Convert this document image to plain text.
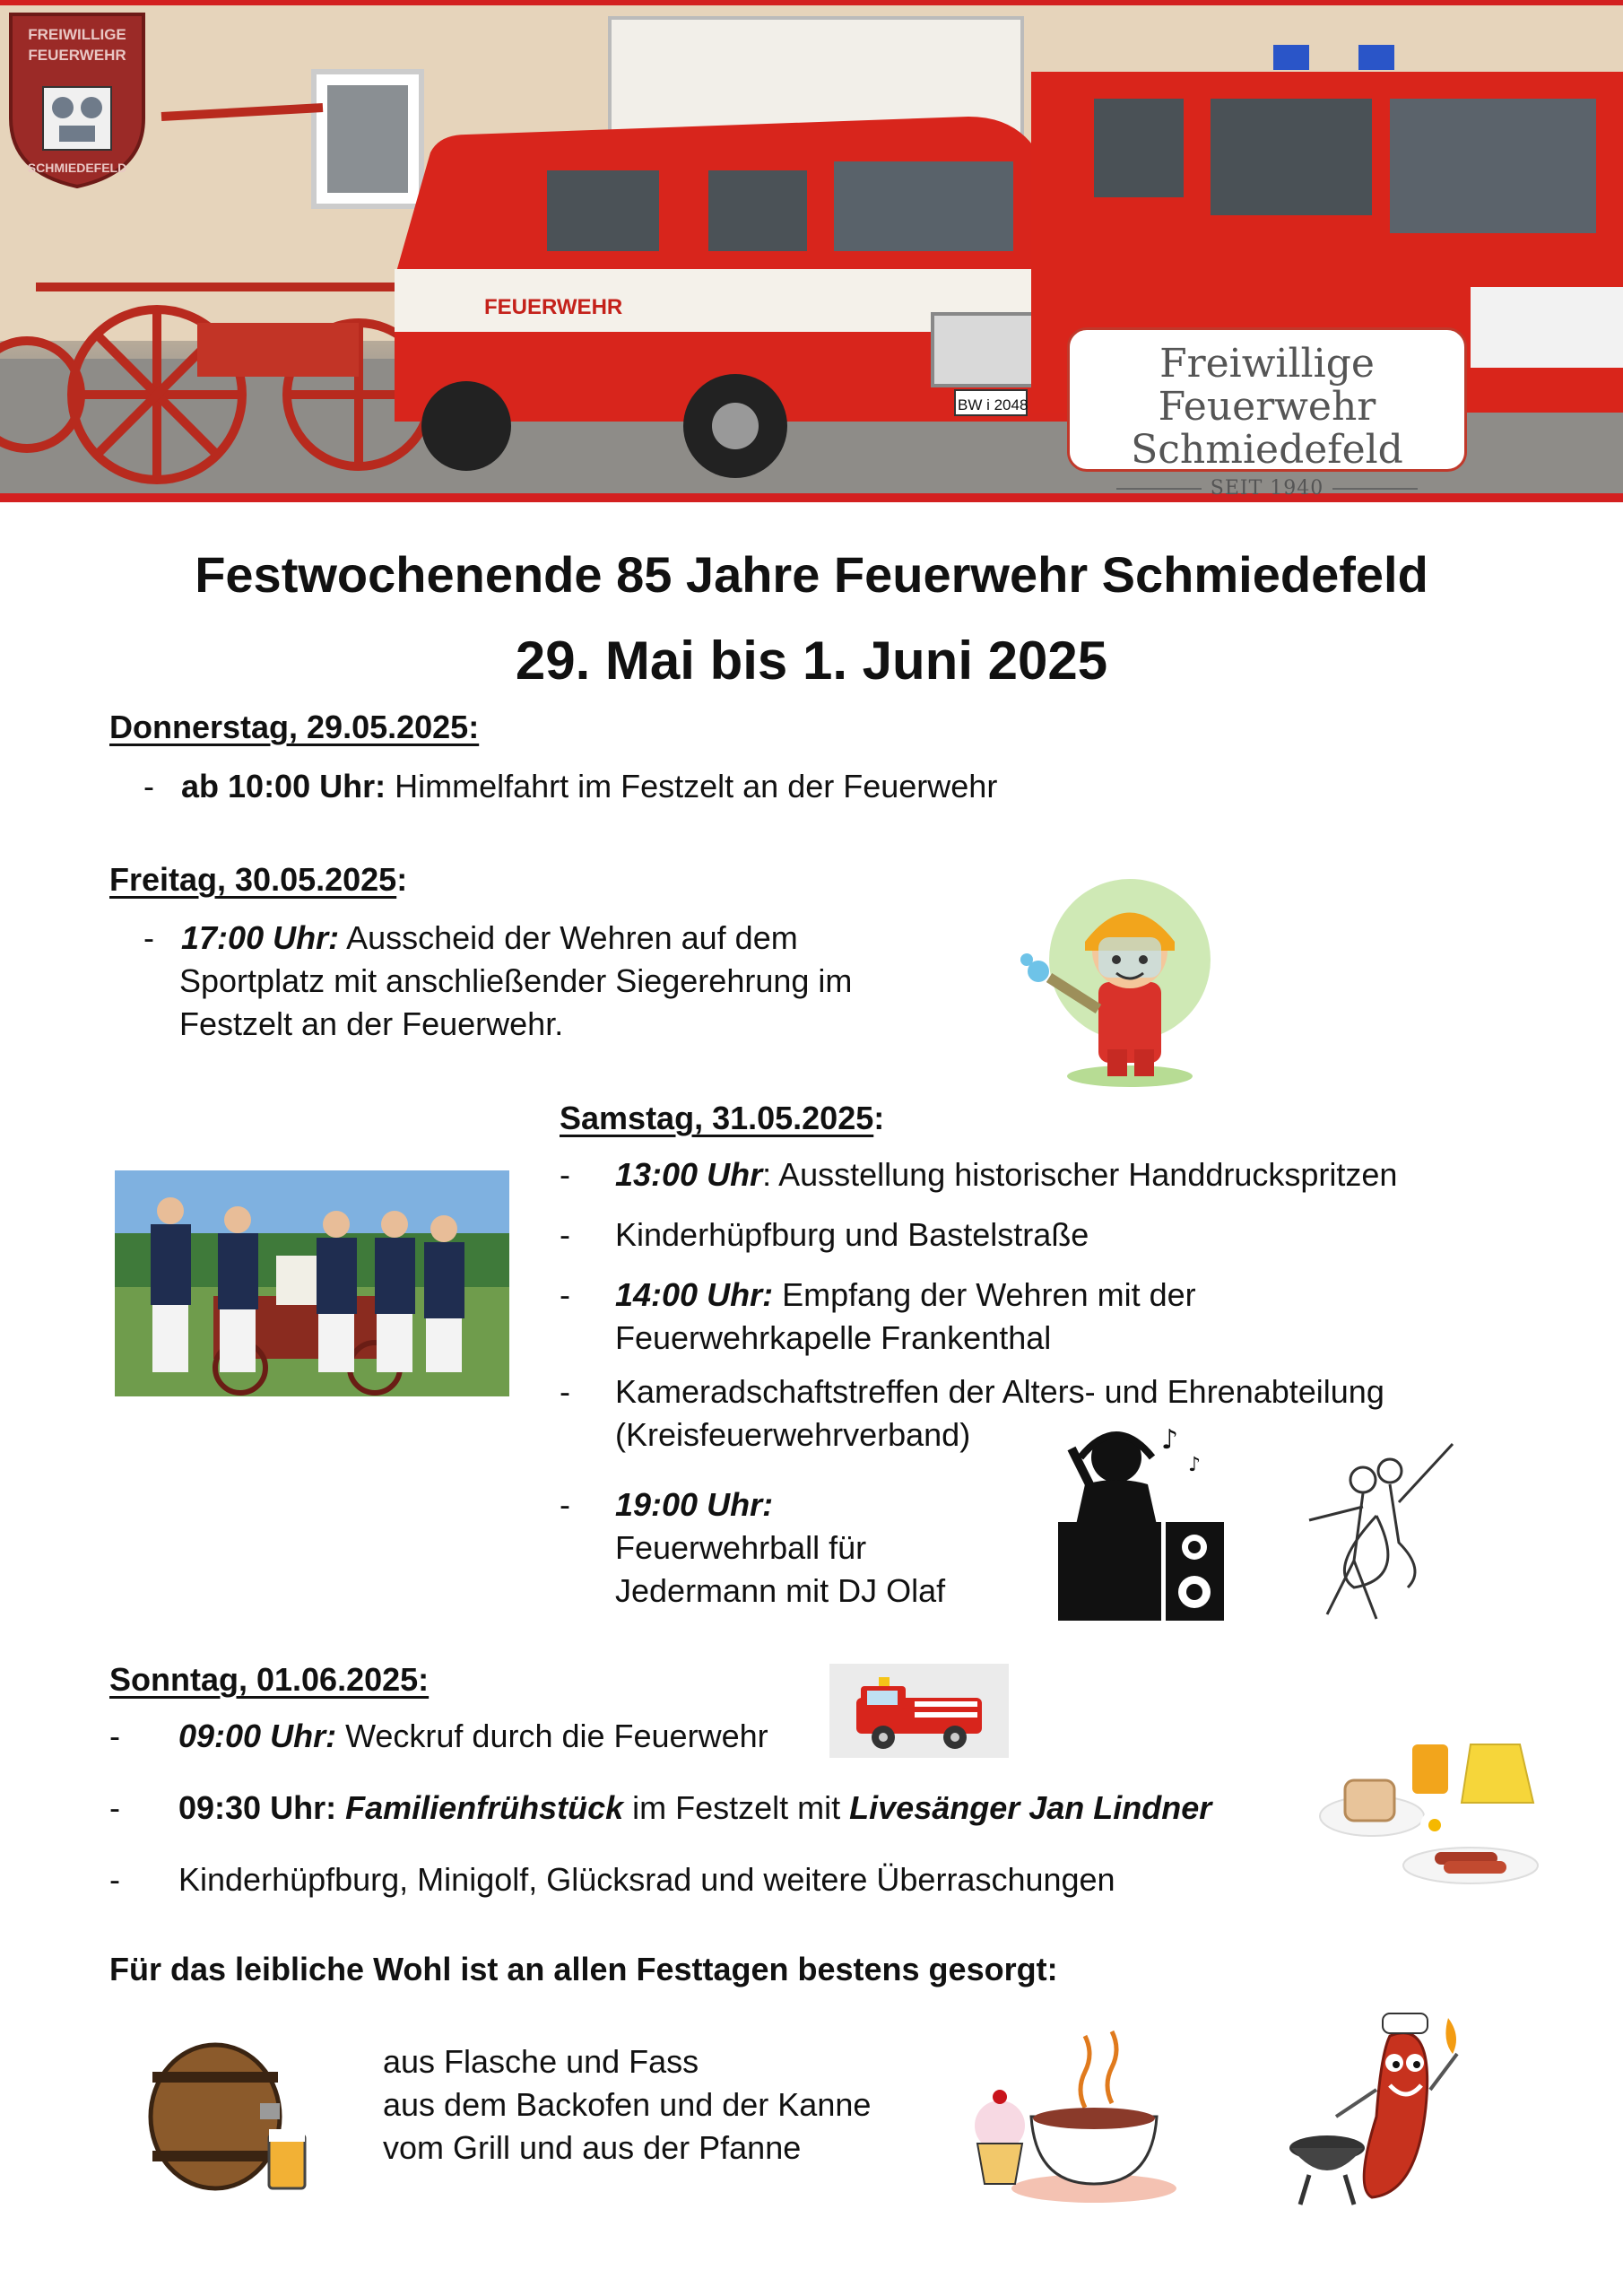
FEUERWEHR
BW i 2048
FREIWILLIGE
FEUERWEHR
SCHMIEDEFELD
Freiwillige Feuerwehr
Schmiedefeld
SEIT 1940
Festwochenende 85 Jahre Feuerwehr Schmiedefeld
29. Mai bis 1. Juni 2025
Donnerstag, 29.05.2025:
- ab 10:00 Uhr: Himmelfahrt im Festzelt an der Feuerwehr
Freitag, 30.05.2025:
- 17:00 Uhr: Ausscheid der Wehren auf dem
Sportplatz mit anschließender Siegerehrung im
Festzelt an der Feuerwehr.
Samstag, 31.05.2025:
- 13:00 Uhr: Ausstellung historischer Handdruckspritzen
- Kinderhüpfburg und Bastelstraße
- 14:00 Uhr: Empfang der Wehren mit der
Feuerwehrkapelle Frankenthal
- Kameradschaftstreffen der Alters- und Ehrenabteilung
(Kreisfeuerwehrverband)
- 19:00 Uhr:
Feuerwehrball für
Jedermann mit DJ Olaf
♪
♪
Sonntag, 01.06.2025:
- 09:00 Uhr: Weckruf durch die Feuerwehr
- 09:30 Uhr: Familienfrühstück im Festzelt mit Livesänger Jan Lindner
- Kinderhüpfburg, Minigolf, Glücksrad und weitere Überraschungen
Für das leibliche Wohl ist an allen Festtagen bestens gesorgt:
aus Flasche und Fass
aus dem Backofen und der Kanne
vom Grill und aus der Pfanne
